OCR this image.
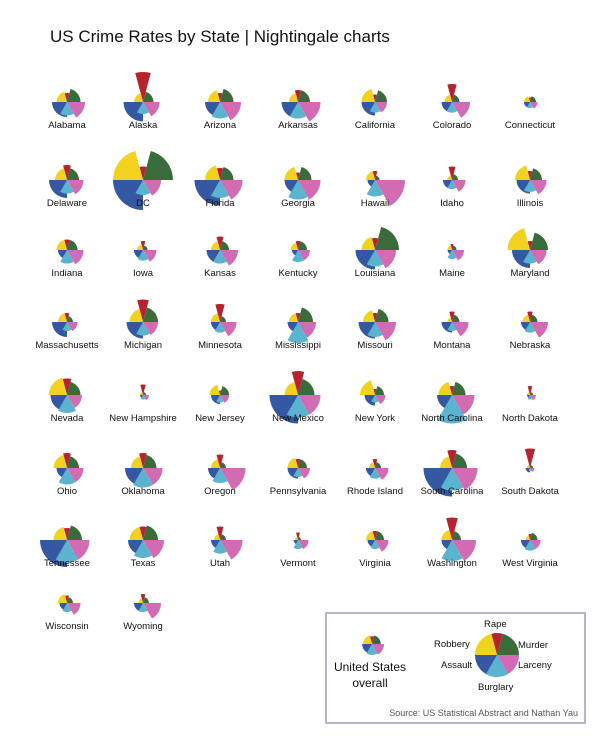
US Crime Rates by State | Nightingale charts
Alabama	Alaska	Arizona	Arkansas	California	Colorado	Connecticut
Delaware	DC	Florida	Georgia	Hawaii	Idaho	Illinois
Indiana	Iowa	Kansas	Kentucky	Louisiana	Maine	Maryland
Massachusetts	Michigan	Minnesota	Mississippi	Missouri	Montana	Nebraska
Nevada	New Hampshire New Jersey	New Mexico	New York	North Carolina North Dakota
Ohio	Oklahoma	Oregon	Pennsylvania Rhode Island South Carolina South Dakota
Tennessee	Texas	Utah	Vermont	Virginia	Washington	West Virginia
Wisconsin	Wyoming
United States
overall
Rape
Robbery	Murder
Assault	Larceny
Burglary
Source: US Statistical Abstract and Nathan Yau
